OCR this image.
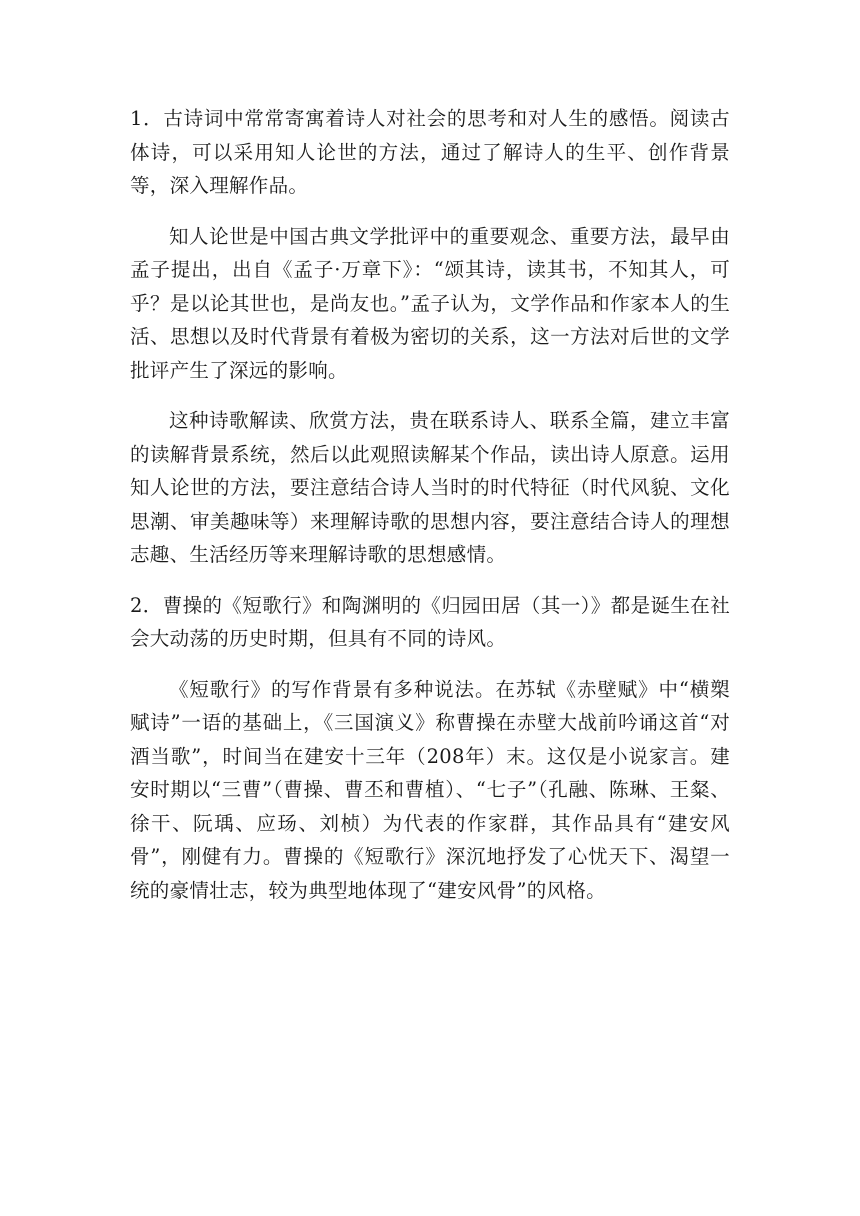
1．古诗词中常常寄寓着诗人对社会的思考和对人生的感悟。阅读古体诗，可以采用知人论世的方法，通过了解诗人的生平、创作背景等，深入理解作品。

知人论世是中国古典文学批评中的重要观念、重要方法，最早由孟子提出，出自《孟子·万章下》：“颂其诗，读其书，不知其人，可乎？是以论其世也，是尚友也。”孟子认为，文学作品和作家本人的生活、思想以及时代背景有着极为密切的关系，这一方法对后世的文学批评产生了深远的影响。

这种诗歌解读、欣赏方法，贵在联系诗人、联系全篇，建立丰富的读解背景系统，然后以此观照读解某个作品，读出诗人原意。运用知人论世的方法，要注意结合诗人当时的时代特征（时代风貌、文化思潮、审美趣味等）来理解诗歌的思想内容，要注意结合诗人的理想志趣、生活经历等来理解诗歌的思想感情。

2．曹操的《短歌行》和陶渊明的《归园田居（其一）》都是诞生在社会大动荡的历史时期，但具有不同的诗风。

《短歌行》的写作背景有多种说法。在苏轼《赤壁赋》中“横槊赋诗”一语的基础上，《三国演义》称曹操在赤壁大战前吟诵这首“对酒当歌”，时间当在建安十三年（208年）末。这仅是小说家言。建安时期以“三曹”（曹操、曹丕和曹植）、“七子”（孔融、陈琳、王粲、徐干、阮瑀、应玚、刘桢）为代表的作家群，其作品具有“建安风骨”，刚健有力。曹操的《短歌行》深沉地抒发了心忧天下、渴望一统的豪情壮志，较为典型地体现了“建安风骨”的风格。
